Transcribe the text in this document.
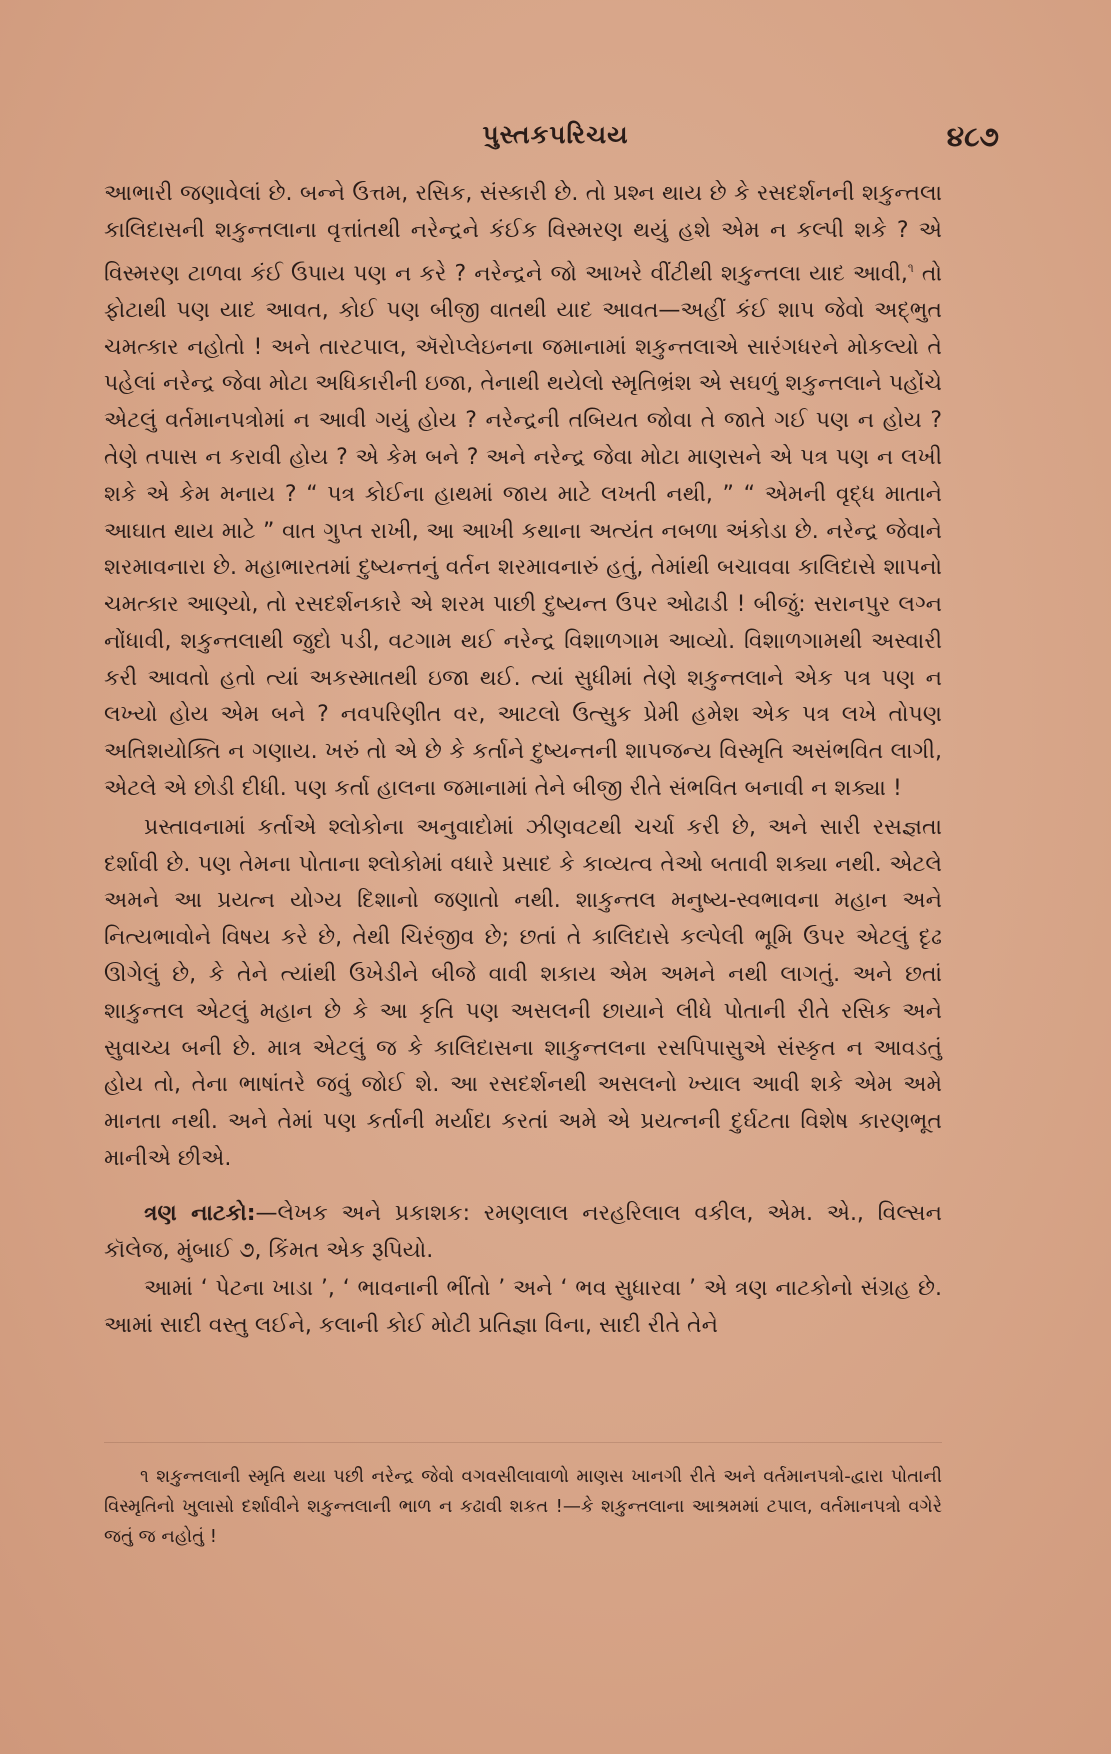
પુસ્તકપરિચય	૪૮૭

આભારી જણાવેલાં છે. બન્ને ઉત્તમ, રસિક, સંસ્કારી છે. તો પ્રશ્ન થાય છે કે રસદર્શનની શકુન્તલા કાલિદાસની શકુન્તલાના વૃત્તાંતથી નરેન્દ્રને કંઈક વિસ્મરણ થયું હશે એમ ન કલ્પી શકે ? એ વિસ્મરણ ટાળવા કંઈ ઉપાય પણ ન કરે ? નરેન્દ્રને જો આખરે વીંટીથી શકુન્તલા યાદ આવી,$^૧$ તો ફોટાથી પણ યાદ આવત, કોઈ પણ બીજી વાતથી યાદ આવત—અહીં કંઈ શાપ જેવો અદ્ભુત ચમત્કાર નહોતો ! અને તારટપાલ, ઍરોપ્લેઇનના જમાનામાં શકુન્તલાએ સારંગધરને મોકલ્યો તે પહેલાં નરેન્દ્ર જેવા મોટા અધિકારીની ઇજા, તેનાથી થયેલો સ્મૃતિભ્રંશ એ સઘળું શકુન્તલાને પહોંચે એટલું વર્તમાનપત્રોમાં ન આવી ગયું હોય ? નરેન્દ્રની તબિયત જોવા તે જાતે ગઈ પણ ન હોય ? તેણે તપાસ ન કરાવી હોય ? એ કેમ બને ? અને નરેન્દ્ર જેવા મોટા માણસને એ પત્ર પણ ન લખી શકે એ કેમ મનાય ? “ પત્ર કોઈના હાથમાં જાય માટે લખતી નથી, ” “ એમની વૃદ્ધ માતાને આઘાત થાય માટે ” વાત ગુપ્ત રાખી, આ આખી કથાના અત્યંત નબળા અંકોડા છે. નરેન્દ્ર જેવાને શરમાવનારા છે. મહાભારતમાં દુષ્યન્તનું વર્તન શરમાવનારું હતું, તેમાંથી બચાવવા કાલિદાસે શાપનો ચમત્કાર આણ્યો, તો રસદર્શનકારે એ શરમ પાછી દુષ્યન્ત ઉપર ઓઢાડી ! બીજું: સરાનપુર લગ્ન નોંધાવી, શકુન્તલાથી જુદો પડી, વટગામ થઈ નરેન્દ્ર વિશાળગામ આવ્યો. વિશાળગામથી અસ્વારી કરી આવતો હતો ત્યાં અકસ્માતથી ઇજા થઈ. ત્યાં સુધીમાં તેણે શકુન્તલાને એક પત્ર પણ ન લખ્યો હોય એમ બને ? નવપરિણીત વર, આટલો ઉત્સુક પ્રેમી હમેશ એક પત્ર લખે તોપણ અતિશયોક્તિ ન ગણાય. ખરું તો એ છે કે કર્તાને દુષ્યન્તની શાપજન્ય વિસ્મૃતિ અસંભવિત લાગી, એટલે એ છોડી દીધી. પણ કર્તા હાલના જમાનામાં તેને બીજી રીતે સંભવિત બનાવી ન શક્યા !

પ્રસ્તાવનામાં કર્તાએ શ્લોકોના અનુવાદોમાં ઝીણવટથી ચર્ચા કરી છે, અને સારી રસજ્ઞતા દર્શાવી છે. પણ તેમના પોતાના શ્લોકોમાં વધારે પ્રસાદ કે કાવ્યત્વ તેઓ બતાવી શક્યા નથી. એટલે અમને આ પ્રયત્ન યોગ્ય દિશાનો જણાતો નથી. શાકુન્તલ મનુષ્ય-સ્વભાવના મહાન અને નિત્યભાવોને વિષય કરે છે, તેથી ચિરંજીવ છે; છતાં તે કાલિદાસે કલ્પેલી ભૂમિ ઉપર એટલું દૃઢ ઊગેલું છે, કે તેને ત્યાંથી ઉખેડીને બીજે વાવી શકાય એમ અમને નથી લાગતું. અને છતાં શાકુન્તલ એટલું મહાન છે કે આ કૃતિ પણ અસલની છાયાને લીધે પોતાની રીતે રસિક અને સુવાચ્ય બની છે. માત્ર એટલું જ કે કાલિદાસના શાકુન્તલના રસપિપાસુએ સંસ્કૃત ન આવડતું હોય તો, તેના ભાષાંતરે જવું જોઈ શે. આ રસદર્શનથી અસલનો ખ્યાલ આવી શકે એમ અમે માનતા નથી. અને તેમાં પણ કર્તાની મર્યાદા કરતાં અમે એ પ્રયત્નની દુર્ઘટતા વિશેષ કારણભૂત માનીએ છીએ.

ત્રણ નાટકો:—લેખક અને પ્રકાશક: રમણલાલ નરહરિલાલ વકીલ, એમ. એ., વિલ્સન કૉલેજ, મુંબાઈ ૭, કિંમત એક રૂપિયો.

આમાં ‘ પેટના ખાડા ’, ‘ ભાવનાની ભીંતો ’ અને ‘ ભવ સુધારવા ’ એ ત્રણ નાટકોનો સંગ્રહ છે. આમાં સાદી વસ્તુ લઈને, કલાની કોઈ મોટી પ્રતિજ્ઞા વિના, સાદી રીતે તેને

૧ શકુન્તલાની સ્મૃતિ થયા પછી નરેન્દ્ર જેવો વગવસીલાવાળો માણસ ખાનગી રીતે અને વર્તમાનપત્રો-દ્વારા પોતાની વિસ્મૃતિનો ખુલાસો દર્શાવીને શકુન્તલાની ભાળ ન કઢાવી શકત !—કે શકુન્તલાના આશ્રમમાં ટપાલ, વર્તમાનપત્રો વગેરે જતું જ નહોતું !
